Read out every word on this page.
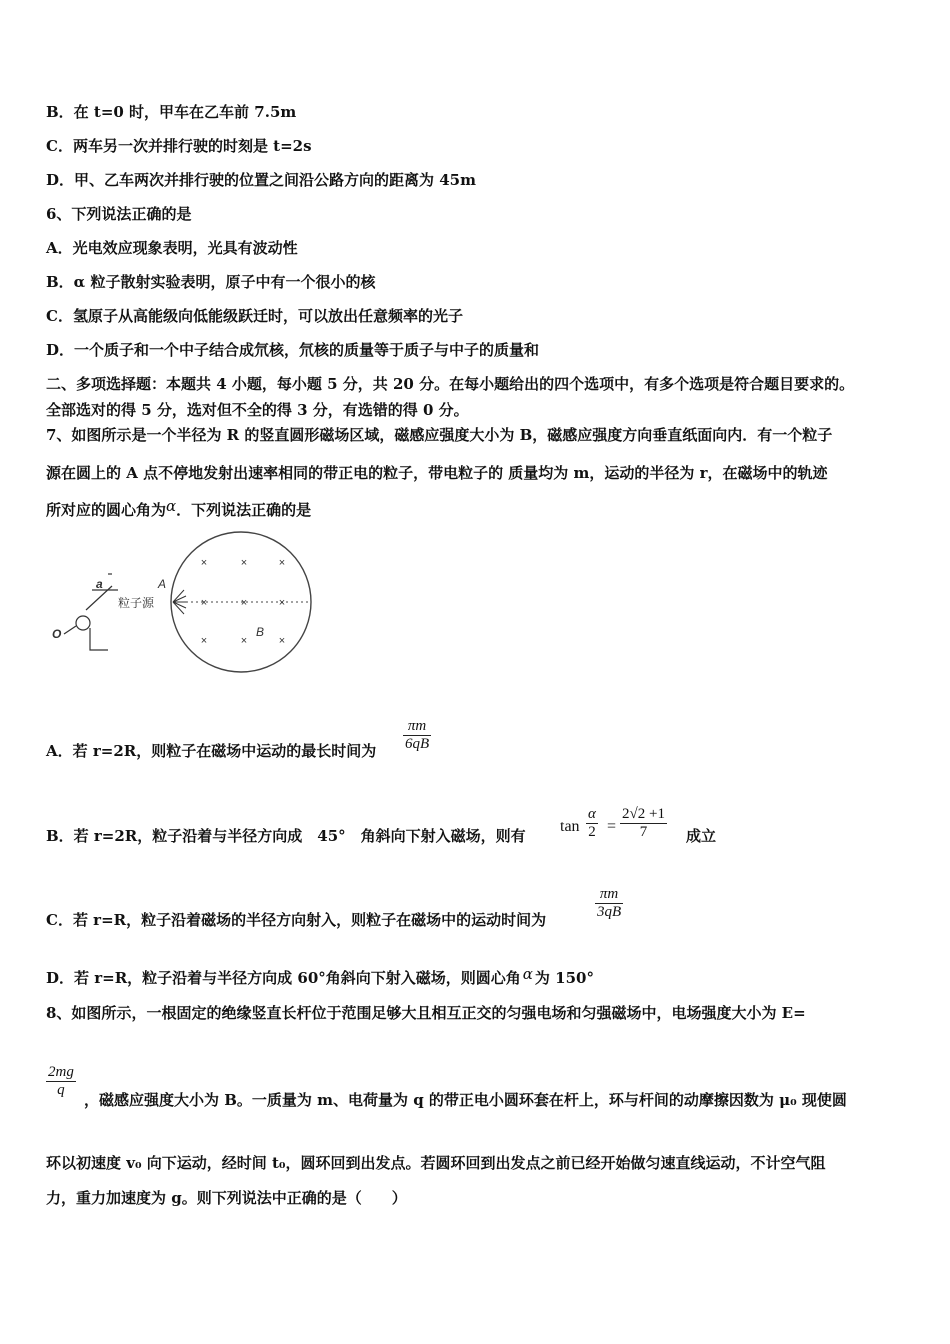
B．在 t=0 时，甲车在乙车前 7.5m
C．两车另一次并排行驶的时刻是 t=2s
D．甲、乙车两次并排行驶的位置之间沿公路方向的距离为 45m
6、下列说法正确的是
A．光电效应现象表明，光具有波动性
B．α 粒子散射实验表明，原子中有一个很小的核
C．氢原子从高能级向低能级跃迁时，可以放出任意频率的光子
D．一个质子和一个中子结合成氘核，氘核的质量等于质子与中子的质量和
二、多项选择题：本题共 4 小题，每小题 5 分，共 20 分。在每小题给出的四个选项中，有多个选项是符合题目要求的。
全部选对的得 5 分，选对但不全的得 3 分，有选错的得 0 分。
7、如图所示是一个半径为 R 的竖直圆形磁场区域，磁感应强度大小为 B，磁感应强度方向垂直纸面向内．有一个粒子
源在圆上的 A 点不停地发射出速率相同的带正电的粒子，带电粒子的 质量均为 m，运动的半径为 r，在磁场中的轨迹
所对应的圆心角为α．下列说法正确的是
×	×	×
×	×	×
×	×	×
B
A
粒子源
a
O
A．若 r=2R，则粒子在磁场中运动的最长时间为
πm
6qB
B．若 r=2R，粒子沿着与半径方向成　45°　角斜向下射入磁场，则有
tan
α
2 =
2√2 +1
7	成立
C．若 r=R，粒子沿着磁场的半径方向射入，则粒子在磁场中的运动时间为
πm
3qB
D．若 r=R，粒子沿着与半径方向成 60°角斜向下射入磁场，则圆心角 α 为 150°
8、如图所示，一根固定的绝缘竖直长杆位于范围足够大且相互正交的匀强电场和匀强磁场中，电场强度大小为 E=
2mg
q
，磁感应强度大小为 B。一质量为 m、电荷量为 q 的带正电小圆环套在杆上，环与杆间的动摩擦因数为 μ₀ 现使圆
环以初速度 v₀ 向下运动，经时间 t₀，圆环回到出发点。若圆环回到出发点之前已经开始做匀速直线运动，不计空气阻
力，重力加速度为 g。则下列说法中正确的是（　　）
